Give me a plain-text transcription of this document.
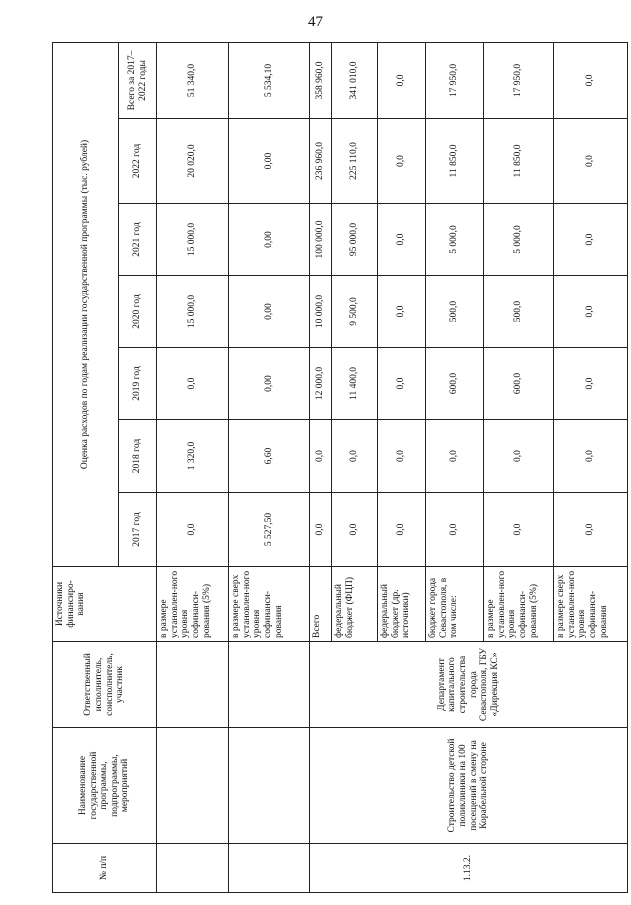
47
№ п/п	Наименование государственной программы, подпрограммы, мероприятий	Ответственный исполнитель, соисполнитель, участник	Источники финансиро-вания	Оценка расходов по годам реализации государственной программы (тыс. рублей)						
				2017 год	2018 год	2019 год	2020 год	2021 год	2022 год	Всего за 2017–2022 годы
			в размере установлен-ного уровня софинанси-рования (5%)	0,0	1 320,0	0,0	15 000,0	15 000,0	20 020,0	51 340,0
			в размере сверх установлен-ного уровня софинанси-рования	5 527,50	6,60	0,00	0,00	0,00	0,00	5 534,10
1.13.2.	Строительство детской поликлиники на 100 посещений в смену на Корабельной стороне	Департамент капитального строительства города Севастополя, ГБУ «Дирекция КС»	Всего	0,0	0,0	12 000,0	10 000,0	100 000,0	236 960,0	358 960,0
			федеральный бюджет (ФЦП)	0,0	0,0	11 400,0	9 500,0	95 000,0	225 110,0	341 010,0
			федеральный бюджет (др. источники)	0,0	0,0	0,0	0,0	0,0	0,0	0,0
			бюджет города Севастополя, в том числе:	0,0	0,0	600,0	500,0	5 000,0	11 850,0	17 950,0
			в размере установлен-ного уровня софинанси-рования (5%)	0,0	0,0	600,0	500,0	5 000,0	11 850,0	17 950,0
			в размере сверх установлен-ного уровня софинанси-рования	0,0	0,0	0,0	0,0	0,0	0,0	0,0
